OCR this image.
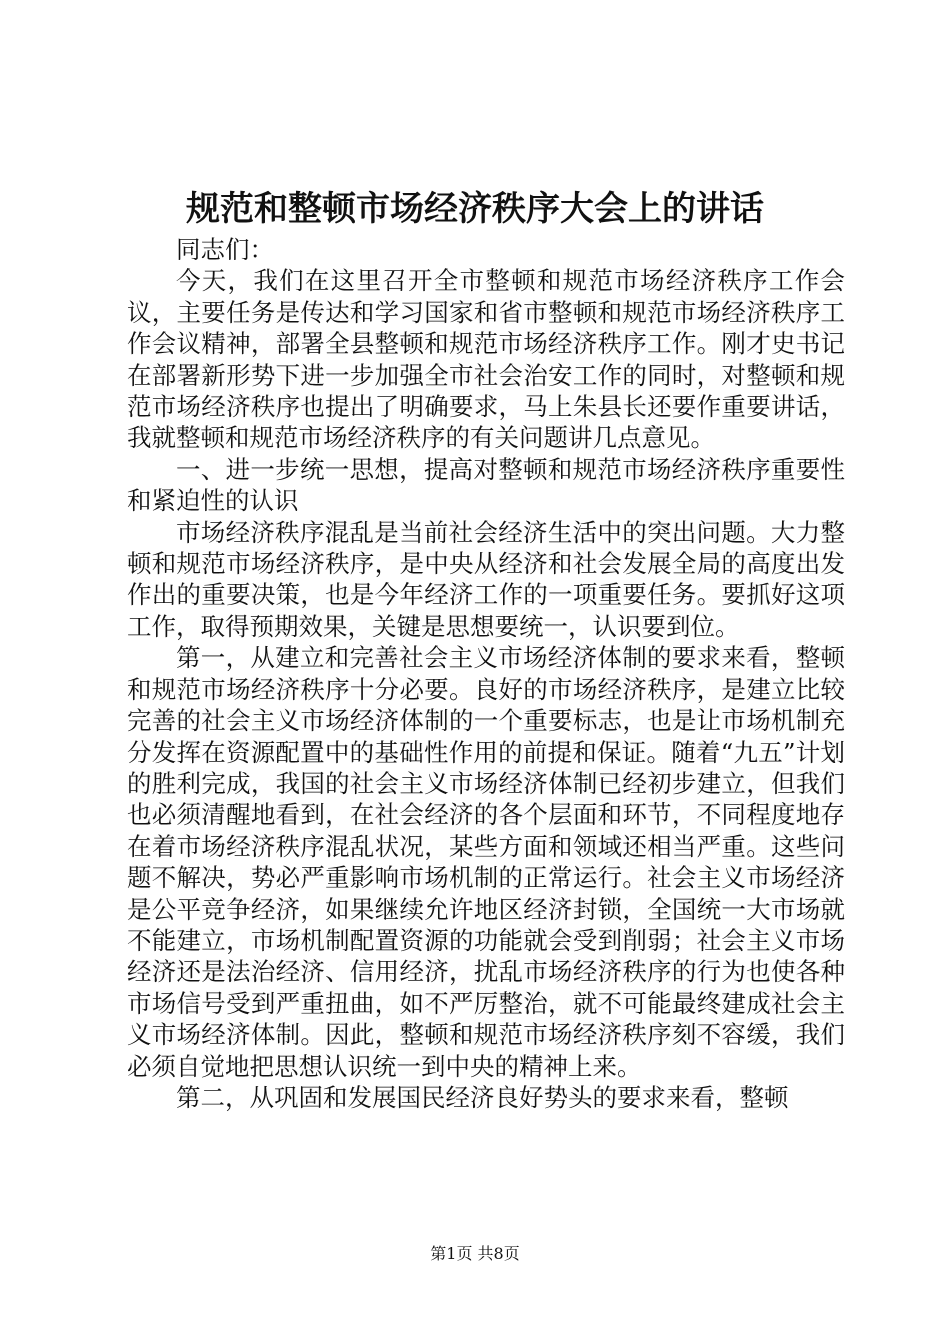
规范和整顿市场经济秩序大会上的讲话

同志们：

今天，我们在这里召开全市整顿和规范市场经济秩序工作会议，主要任务是传达和学习国家和省市整顿和规范市场经济秩序工作会议精神，部署全县整顿和规范市场经济秩序工作。刚才史书记在部署新形势下进一步加强全市社会治安工作的同时，对整顿和规范市场经济秩序也提出了明确要求，马上朱县长还要作重要讲话，我就整顿和规范市场经济秩序的有关问题讲几点意见。

一、进一步统一思想，提高对整顿和规范市场经济秩序重要性和紧迫性的认识

市场经济秩序混乱是当前社会经济生活中的突出问题。大力整顿和规范市场经济秩序，是中央从经济和社会发展全局的高度出发作出的重要决策，也是今年经济工作的一项重要任务。要抓好这项工作，取得预期效果，关键是思想要统一，认识要到位。

第一，从建立和完善社会主义市场经济体制的要求来看，整顿和规范市场经济秩序十分必要。良好的市场经济秩序，是建立比较完善的社会主义市场经济体制的一个重要标志，也是让市场机制充分发挥在资源配置中的基础性作用的前提和保证。随着“九五”计划的胜利完成，我国的社会主义市场经济体制已经初步建立，但我们也必须清醒地看到，在社会经济的各个层面和环节，不同程度地存在着市场经济秩序混乱状况，某些方面和领域还相当严重。这些问题不解决，势必严重影响市场机制的正常运行。社会主义市场经济是公平竞争经济，如果继续允许地区经济封锁，全国统一大市场就不能建立，市场机制配置资源的功能就会受到削弱；社会主义市场经济还是法治经济、信用经济，扰乱市场经济秩序的行为也使各种市场信号受到严重扭曲，如不严厉整治，就不可能最终建成社会主义市场经济体制。因此，整顿和规范市场经济秩序刻不容缓，我们必须自觉地把思想认识统一到中央的精神上来。

第二，从巩固和发展国民经济良好势头的要求来看，整顿

第1页 共8页
